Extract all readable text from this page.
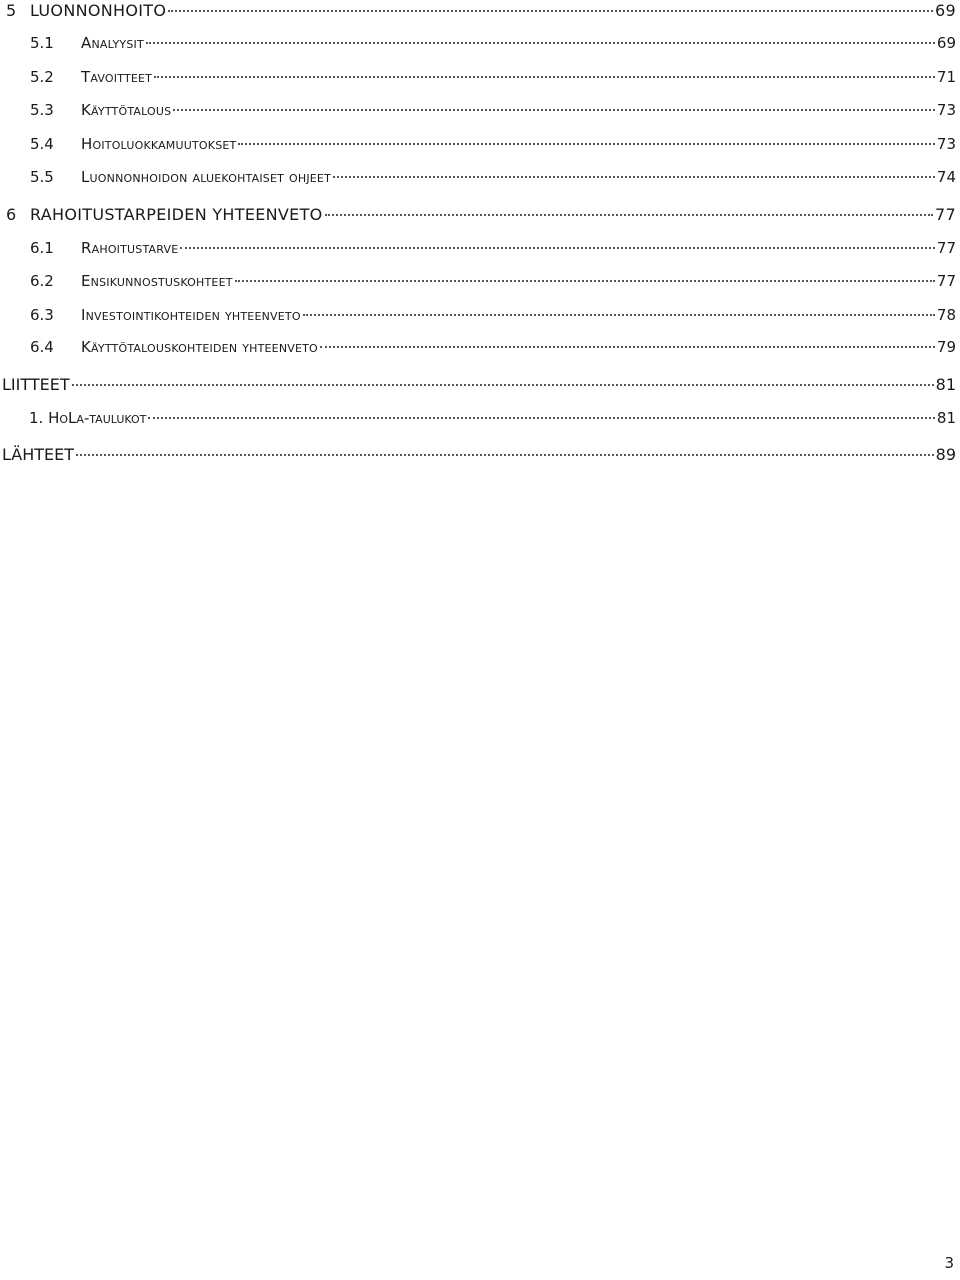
5 LUONNONHOITO	69
5.1	Analyysit	69
5.2	Tavoitteet	71
5.3	Käyttötalous	73
5.4	Hoitoluokkamuutokset	73
5.5	Luonnonhoidon aluekohtaiset ohjeet	74
6 RAHOITUSTARPEIDEN YHTEENVETO	77
6.1	Rahoitustarve	77
6.2	Ensikunnostuskohteet	77
6.3	Investointikohteiden yhteenveto	78
6.4	Käyttötalouskohteiden yhteenveto	79
LIITTEET	81
1. HoLa-taulukot	81
LÄHTEET	89
3
